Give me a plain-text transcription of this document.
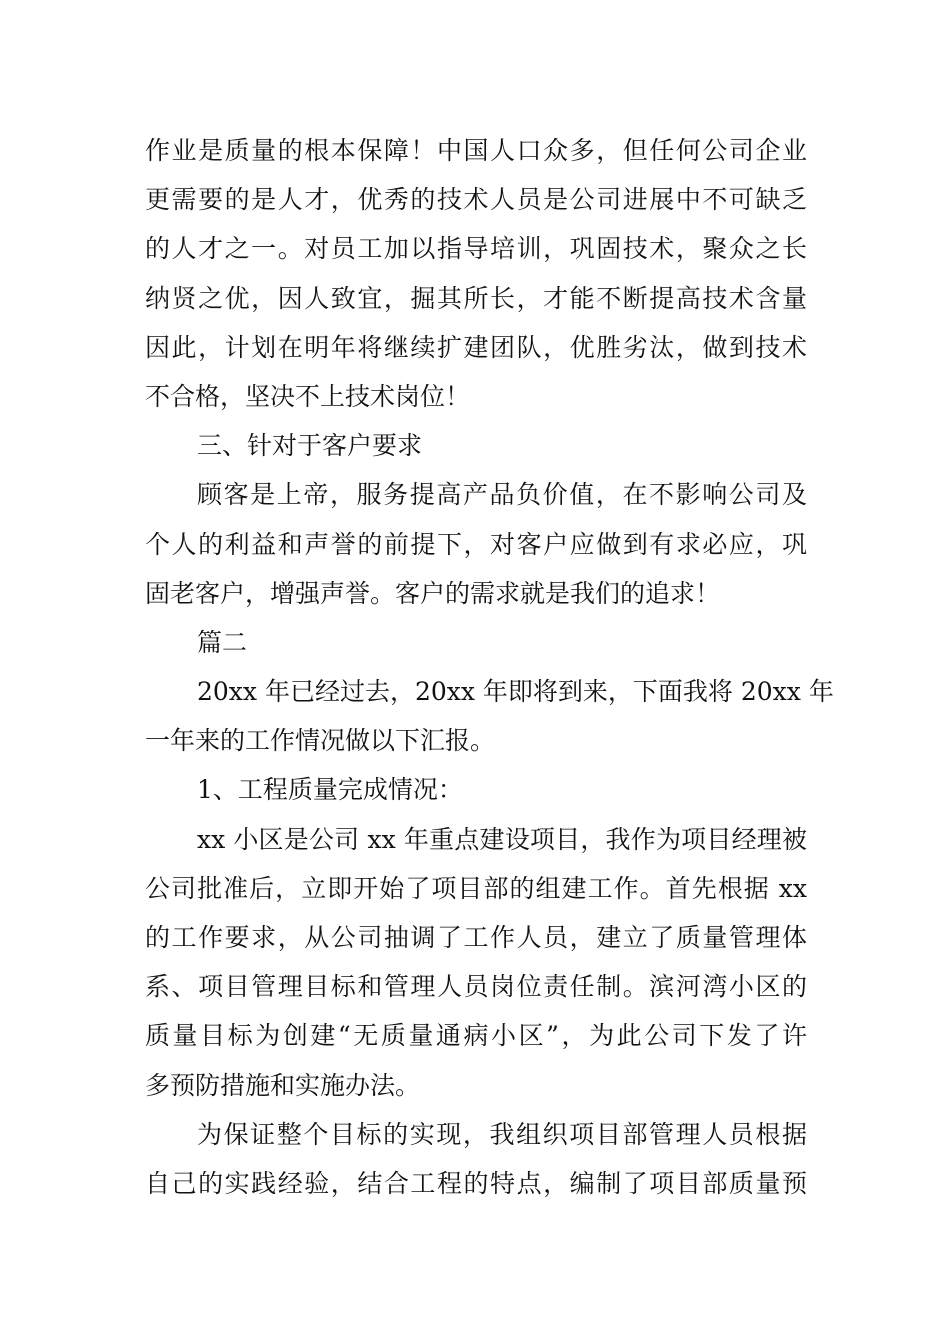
作业是质量的根本保障！中国人口众多，但任何公司企业
更需要的是人才，优秀的技术人员是公司进展中不可缺乏
的人才之一。对员工加以指导培训，巩固技术，聚众之长
纳贤之优，因人致宜，掘其所长，才能不断提高技术含量
因此，计划在明年将继续扩建团队，优胜劣汰，做到技术
不合格，坚决不上技术岗位！
三、针对于客户要求
顾客是上帝，服务提高产品负价值，在不影响公司及
个人的利益和声誉的前提下，对客户应做到有求必应，巩
固老客户，增强声誉。客户的需求就是我们的追求！
篇二
20xx 年已经过去，20xx 年即将到来，下面我将 20xx 年
一年来的工作情况做以下汇报。
1、工程质量完成情况：
xx 小区是公司 xx 年重点建设项目，我作为项目经理被
公司批准后，立即开始了项目部的组建工作。首先根据 xx
的工作要求，从公司抽调了工作人员，建立了质量管理体
系、项目管理目标和管理人员岗位责任制。滨河湾小区的
质量目标为创建“无质量通病小区”，为此公司下发了许
多预防措施和实施办法。
为保证整个目标的实现，我组织项目部管理人员根据
自己的实践经验，结合工程的特点，编制了项目部质量预
